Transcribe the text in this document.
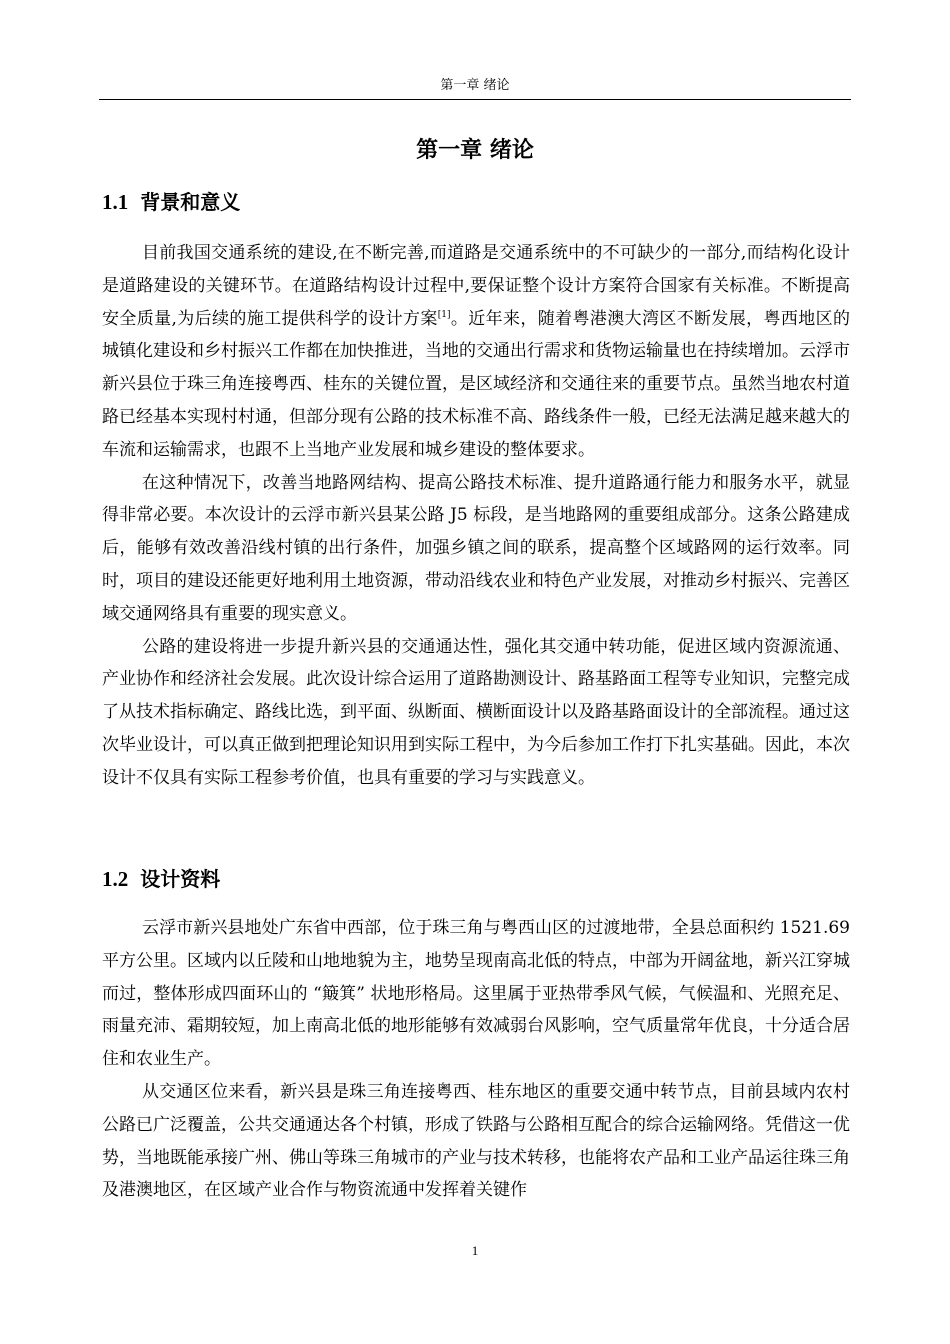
第一章 绪论
第一章 绪论
1.1 背景和意义

目前我国交通系统的建设,在不断完善,而道路是交通系统中的不可缺少的一部分,而结构化设计是道路建设的关键环节。在道路结构设计过程中,要保证整个设计方案符合国家有关标准。不断提高安全质量,为后续的施工提供科学的设计方案[1]。近年来，随着粤港澳大湾区不断发展，粤西地区的城镇化建设和乡村振兴工作都在加快推进，当地的交通出行需求和货物运输量也在持续增加。云浮市新兴县位于珠三角连接粤西、桂东的关键位置，是区域经济和交通往来的重要节点。虽然当地农村道路已经基本实现村村通，但部分现有公路的技术标准不高、路线条件一般，已经无法满足越来越大的车流和运输需求，也跟不上当地产业发展和城乡建设的整体要求。

在这种情况下，改善当地路网结构、提高公路技术标准、提升道路通行能力和服务水平，就显得非常必要。本次设计的云浮市新兴县某公路 J5 标段，是当地路网的重要组成部分。这条公路建成后，能够有效改善沿线村镇的出行条件，加强乡镇之间的联系，提高整个区域路网的运行效率。同时，项目的建设还能更好地利用土地资源，带动沿线农业和特色产业发展，对推动乡村振兴、完善区域交通网络具有重要的现实意义。

公路的建设将进一步提升新兴县的交通通达性，强化其交通中转功能，促进区域内资源流通、产业协作和经济社会发展。此次设计综合运用了道路勘测设计、路基路面工程等专业知识，完整完成了从技术指标确定、路线比选，到平面、纵断面、横断面设计以及路基路面设计的全部流程。通过这次毕业设计，可以真正做到把理论知识用到实际工程中，为今后参加工作打下扎实基础。因此，本次设计不仅具有实际工程参考价值，也具有重要的学习与实践意义。

1.2 设计资料

云浮市新兴县地处广东省中西部，位于珠三角与粤西山区的过渡地带，全县总面积约 1521.69 平方公里。区域内以丘陵和山地地貌为主，地势呈现南高北低的特点，中部为开阔盆地，新兴江穿城而过，整体形成四面环山的 “簸箕” 状地形格局。这里属于亚热带季风气候，气候温和、光照充足、雨量充沛、霜期较短，加上南高北低的地形能够有效减弱台风影响，空气质量常年优良，十分适合居住和农业生产。

从交通区位来看，新兴县是珠三角连接粤西、桂东地区的重要交通中转节点，目前县域内农村公路已广泛覆盖，公共交通通达各个村镇，形成了铁路与公路相互配合的综合运输网络。凭借这一优势，当地既能承接广州、佛山等珠三角城市的产业与技术转移，也能将农产品和工业产品运往珠三角及港澳地区，在区域产业合作与物资流通中发挥着关键作

1
